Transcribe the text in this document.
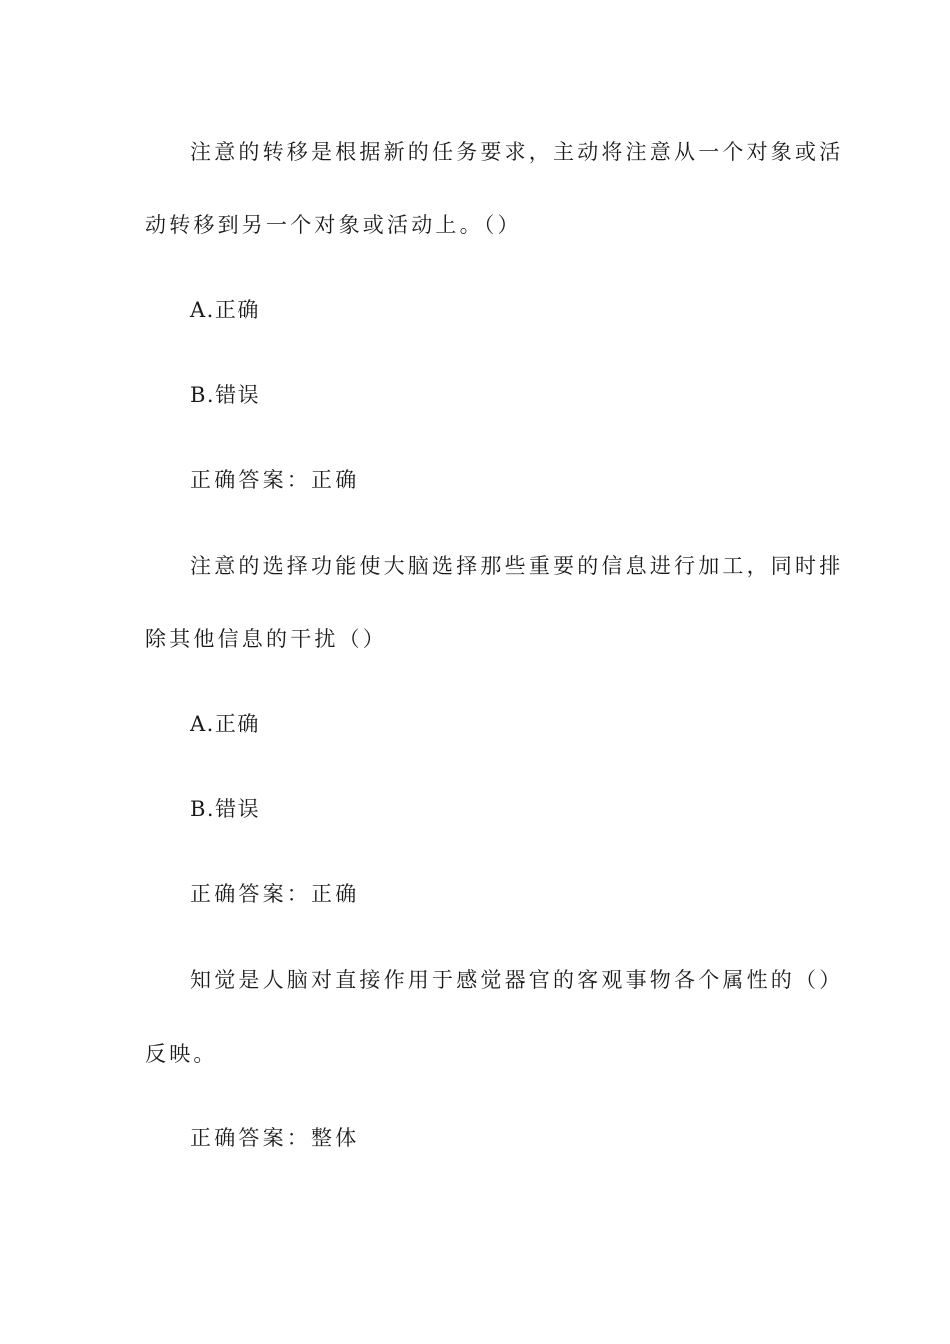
注意的转移是根据新的任务要求，主动将注意从一个对象或活
动转移到另一个对象或活动上。（）
A.正确
B.错误
正确答案：正确
注意的选择功能使大脑选择那些重要的信息进行加工，同时排
除其他信息的干扰（）
A.正确
B.错误
正确答案：正确
知觉是人脑对直接作用于感觉器官的客观事物各个属性的（）
反映。
正确答案：整体
